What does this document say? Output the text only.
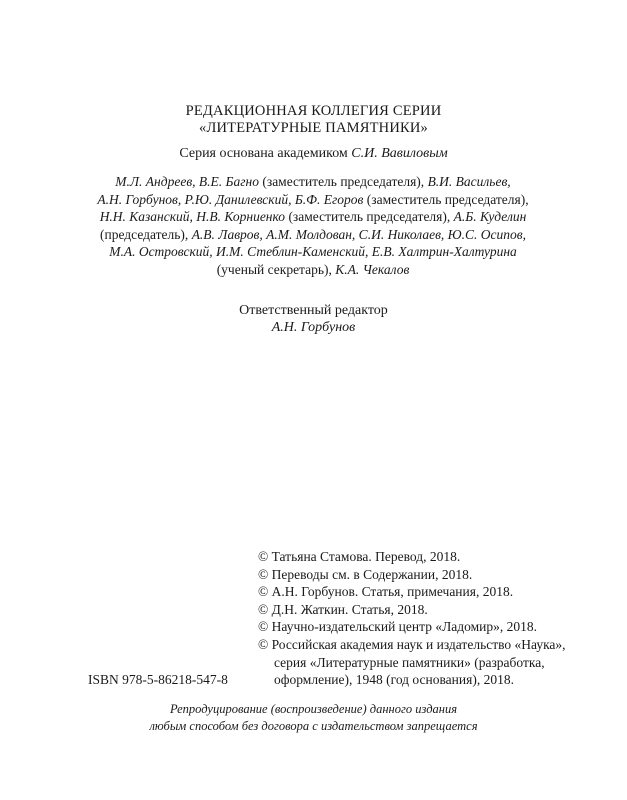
РЕДАКЦИОННАЯ КОЛЛЕГИЯ СЕРИИ
«ЛИТЕРАТУРНЫЕ ПАМЯТНИКИ»
Серия основана академиком С.И. Вавиловым
М.Л. Андреев, В.Е. Багно (заместитель председателя), В.И. Васильев,
А.Н. Горбунов, Р.Ю. Данилевский, Б.Ф. Егоров (заместитель председателя),
Н.Н. Казанский, Н.В. Корниенко (заместитель председателя), А.Б. Куделин
(председатель), А.В. Лавров, А.М. Молдован, С.И. Николаев, Ю.С. Осипов,
М.А. Островский, И.М. Стеблин-Каменский, Е.В. Халтрин-Халтурина
(ученый секретарь), К.А. Чекалов
Ответственный редактор
А.Н. Горбунов
© Татьяна Стамова. Перевод, 2018.
© Переводы см. в Содержании, 2018.
© А.Н. Горбунов. Статья, примечания, 2018.
© Д.Н. Жаткин. Статья, 2018.
© Научно-издательский центр «Ладомир», 2018.
© Российская академия наук и издательство «Наука»,
серия «Литературные памятники» (разработка,
оформление), 1948 (год основания), 2018.
ISBN 978-5-86218-547-8
Репродуцирование (воспроизведение) данного издания
любым способом без договора с издательством запрещается
